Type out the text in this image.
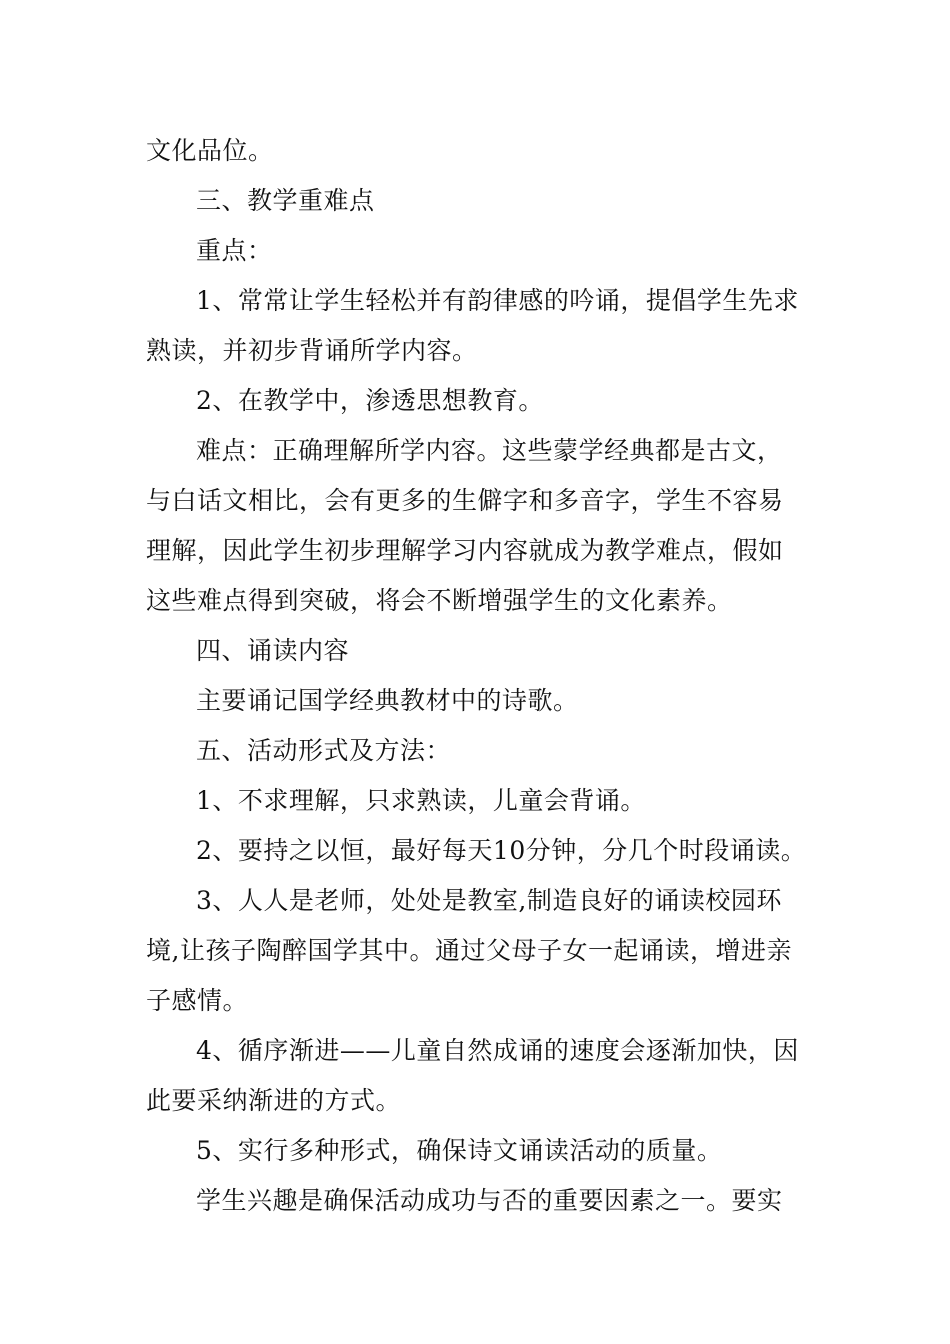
文化品位。

三、教学重难点

重点：

1、常常让学生轻松并有韵律感的吟诵，提倡学生先求
熟读，并初步背诵所学内容。

2、在教学中，渗透思想教育。

难点：正确理解所学内容。这些蒙学经典都是古文，
与白话文相比，会有更多的生僻字和多音字，学生不容易
理解，因此学生初步理解学习内容就成为教学难点，假如
这些难点得到突破，将会不断增强学生的文化素养。

四、诵读内容

主要诵记国学经典教材中的诗歌。

五、活动形式及方法：

1、不求理解，只求熟读，儿童会背诵。

2、要持之以恒，最好每天10分钟，分几个时段诵读。

3、人人是老师，处处是教室,制造良好的诵读校园环
境,让孩子陶醉国学其中。通过父母子女一起诵读，增进亲
子感情。

4、循序渐进——儿童自然成诵的速度会逐渐加快，因
此要采纳渐进的方式。

5、实行多种形式，确保诗文诵读活动的质量。

学生兴趣是确保活动成功与否的重要因素之一。要实
